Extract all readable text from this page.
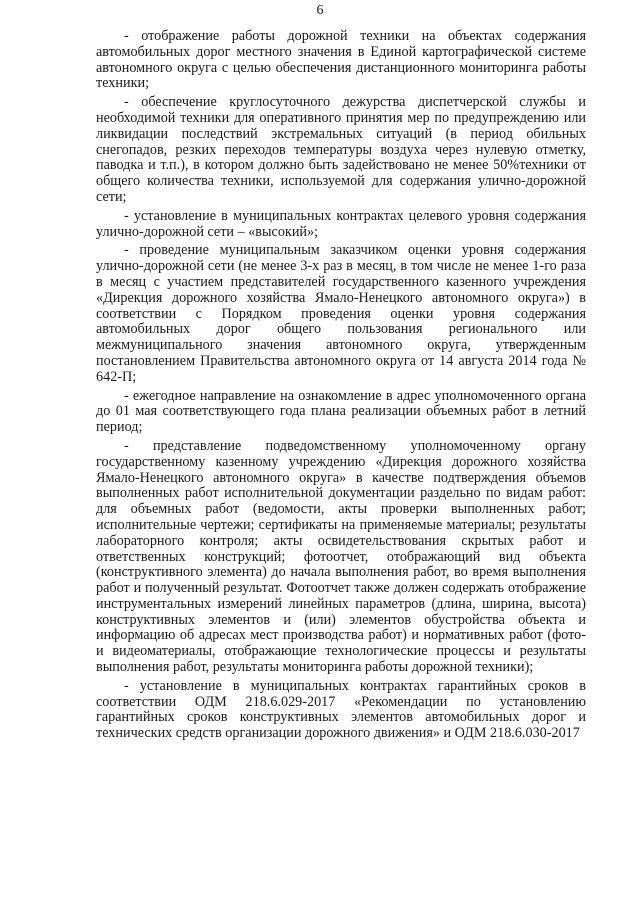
6

- отображение работы дорожной техники на объектах содержания автомобильных дорог местного значения в Единой картографической системе автономного округа с целью обеспечения дистанционного мониторинга работы техники;

- обеспечение круглосуточного дежурства диспетчерской службы и необходимой техники для оперативного принятия мер по предупреждению или ликвидации последствий экстремальных ситуаций (в период обильных снегопадов, резких переходов температуры воздуха через нулевую отметку, паводка и т.п.), в котором должно быть задействовано не менее 50%техники от общего количества техники, используемой для содержания улично-дорожной сети;

- установление в муниципальных контрактах целевого уровня содержания улично-дорожной сети – «высокий»;

- проведение муниципальным заказчиком оценки уровня содержания улично-дорожной сети (не менее 3-х раз в месяц, в том числе не менее 1-го раза в месяц с участием представителей государственного казенного учреждения «Дирекция дорожного хозяйства Ямало-Ненецкого автономного округа») в соответствии с Порядком проведения оценки уровня содержания автомобильных дорог общего пользования регионального или межмуниципального значения автономного округа, утвержденным постановлением Правительства автономного округа от 14 августа 2014 года № 642-П;

- ежегодное направление на ознакомление в адрес уполномоченного органа до 01 мая соответствующего года плана реализации объемных работ в летний период;

- представление подведомственному уполномоченному органу государственному казенному учреждению «Дирекция дорожного хозяйства Ямало-Ненецкого автономного округа» в качестве подтверждения объемов выполненных работ исполнительной документации раздельно по видам работ: для объемных работ (ведомости, акты проверки выполненных работ; исполнительные чертежи; сертификаты на применяемые материалы; результаты лабораторного контроля; акты освидетельствования скрытых работ и ответственных конструкций; фотоотчет, отображающий вид объекта (конструктивного элемента) до начала выполнения работ, во время выполнения работ и полученный результат. Фотоотчет также должен содержать отображение инструментальных измерений линейных параметров (длина, ширина, высота) конструктивных элементов и (или) элементов обустройства объекта и информацию об адресах мест производства работ) и нормативных работ (фото- и видеоматериалы, отображающие технологические процессы и результаты выполнения работ, результаты мониторинга работы дорожной техники);

- установление в муниципальных контрактах гарантийных сроков в соответствии ОДМ 218.6.029-2017 «Рекомендации по установлению гарантийных сроков конструктивных элементов автомобильных дорог и технических средств организации дорожного движения» и ОДМ 218.6.030-2017
